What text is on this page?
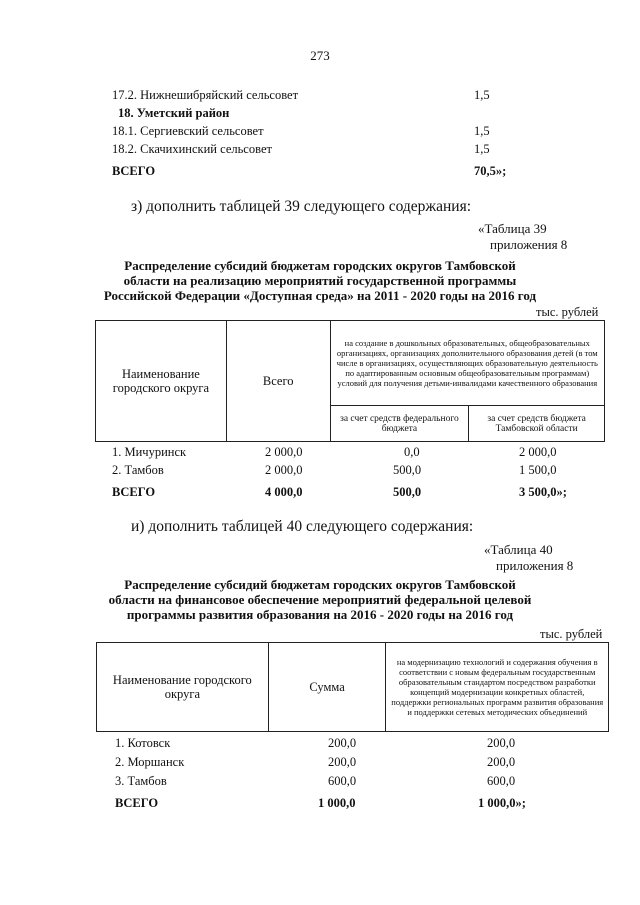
273
17.2. Нижнешибряйский сельсовет	1,5
18. Уметский район
18.1. Сергиевский сельсовет	1,5
18.2. Скачихинский сельсовет	1,5
ВСЕГО	70,5»;
з) дополнить таблицей 39 следующего содержания:
«Таблица 39
приложения 8
Распределение субсидий бюджетам городских округов Тамбовской области на реализацию мероприятий государственной программы Российской Федерации «Доступная среда» на 2011 - 2020 годы на 2016 год
тыс. рублей
Наименование городского округа	Всего	на создание в дошкольных образовательных, общеобразовательных организациях, организациях дополнительного образования детей (в том числе в организациях, осуществляющих образовательную деятельность по адаптированным основным общеобразовательным программам) условий для получения детьми-инвалидами качественного образования	
		за счет средств федерального бюджета	за счет средств бюджета Тамбовской области
1. Мичуринск	2 000,0	0,0	2 000,0
2. Тамбов	2 000,0	500,0	1 500,0
ВСЕГО	4 000,0	500,0	3 500,0»;
и) дополнить таблицей 40 следующего содержания:
«Таблица 40
приложения 8
Распределение субсидий бюджетам городских округов Тамбовской области на финансовое обеспечение мероприятий федеральной целевой программы развития образования на 2016 - 2020 годы на 2016 год
тыс. рублей
Наименование городского округа	Сумма	на модернизацию технологий и содержания обучения в соответствии с новым федеральным государственным образовательным стандартом посредством разработки концепций модернизации конкретных областей, поддержки региональных программ развития образования и поддержки сетевых методических объединений
1. Котовск	200,0	200,0
2. Моршанск	200,0	200,0
3. Тамбов	600,0	600,0
ВСЕГО	1 000,0	1 000,0»;
